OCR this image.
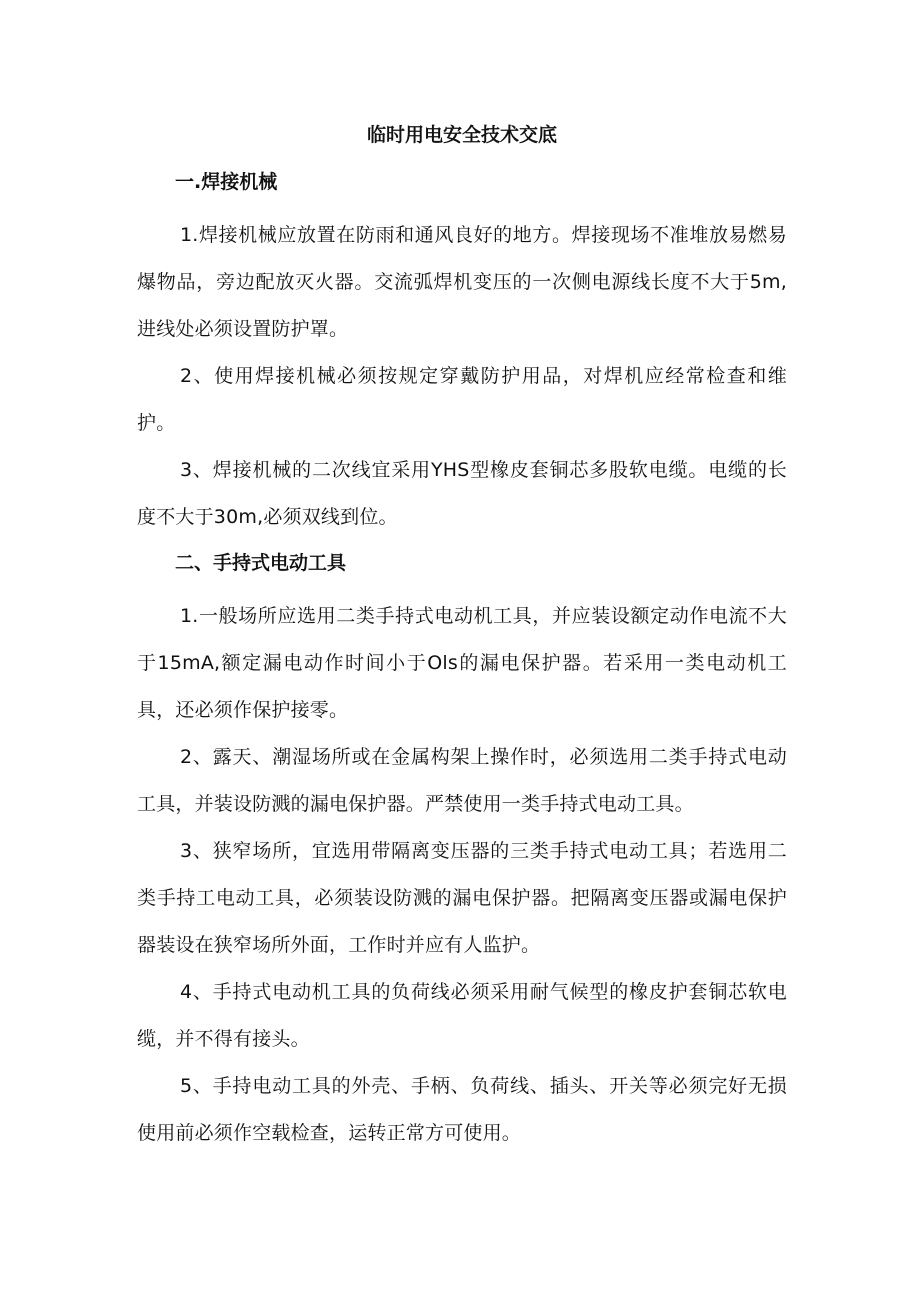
临时用电安全技术交底
一.焊接机械

1.焊接机械应放置在防雨和通风良好的地方。焊接现场不准堆放易燃易爆物品，旁边配放灭火器。交流弧焊机变压的一次侧电源线长度不大于5m,进线处必须设置防护罩。

2、使用焊接机械必须按规定穿戴防护用品，对焊机应经常检查和维护。

3、焊接机械的二次线宜采用YHS型橡皮套铜芯多股软电缆。电缆的长度不大于30m,必须双线到位。

二、手持式电动工具

1.一般场所应选用二类手持式电动机工具，并应装设额定动作电流不大于15mA,额定漏电动作时间小于Ols的漏电保护器。若采用一类电动机工具，还必须作保护接零。

2、露天、潮湿场所或在金属构架上操作时，必须选用二类手持式电动工具，并装设防溅的漏电保护器。严禁使用一类手持式电动工具。

3、狭窄场所，宜选用带隔离变压器的三类手持式电动工具；若选用二类手持工电动工具，必须装设防溅的漏电保护器。把隔离变压器或漏电保护器装设在狭窄场所外面，工作时并应有人监护。

4、手持式电动机工具的负荷线必须采用耐气候型的橡皮护套铜芯软电缆，并不得有接头。

5、手持电动工具的外壳、手柄、负荷线、插头、开关等必须完好无损使用前必须作空载检查，运转正常方可使用。
